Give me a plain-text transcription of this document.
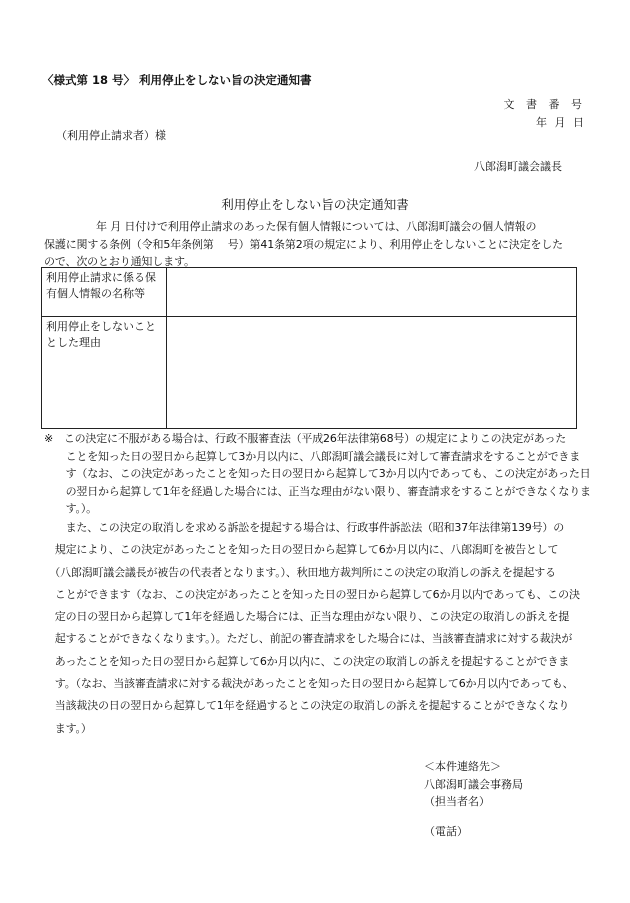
〈様式第 18 号〉 利用停止をしない旨の決定通知書
文 書 番 号
年 月 日
（利用停止請求者）様
八郎潟町議会議長
利用停止をしない旨の決定通知書
年 月 日付けで利用停止請求のあった保有個人情報については、八郎潟町議会の個人情報の
保護に関する条例（令和5年条例第　 号）第41条第2項の規定により、利用停止をしないことに決定をした
ので、次のとおり通知します。
利用停止請求に係る保有個人情報の名称等	
利用停止をしないこととした理由	
※　この決定に不服がある場合は、行政不服審査法（平成26年法律第68号）の規定によりこの決定があった
　　ことを知った日の翌日から起算して3か月以内に、八郎潟町議会議長に対して審査請求をすることができま
　　す（なお、この決定があったことを知った日の翌日から起算して3か月以内であっても、この決定があった日
　　の翌日から起算して1年を経過した場合には、正当な理由がない限り、審査請求をすることができなくなりま
　　す。）。
　　また、この決定の取消しを求める訴訟を提起する場合は、行政事件訴訟法（昭和37年法律第139号）の
　規定により、この決定があったことを知った日の翌日から起算して6か月以内に、八郎潟町を被告として
　（八郎潟町議会議長が被告の代表者となります。）、秋田地方裁判所にこの決定の取消しの訴えを提起する
　ことができます（なお、この決定があったことを知った日の翌日から起算して6か月以内であっても、この決
　定の日の翌日から起算して1年を経過した場合には、正当な理由がない限り、この決定の取消しの訴えを提
　起することができなくなります。）。ただし、前記の審査請求をした場合には、当該審査請求に対する裁決が
　あったことを知った日の翌日から起算して6か月以内に、この決定の取消しの訴えを提起することができま
　す。（なお、当該審査請求に対する裁決があったことを知った日の翌日から起算して6か月以内であっても、
　当該裁決の日の翌日から起算して1年を経過するとこの決定の取消しの訴えを提起することができなくなり
　ます。）
＜本件連絡先＞
八郎潟町議会事務局
（担当者名）
（電話）
